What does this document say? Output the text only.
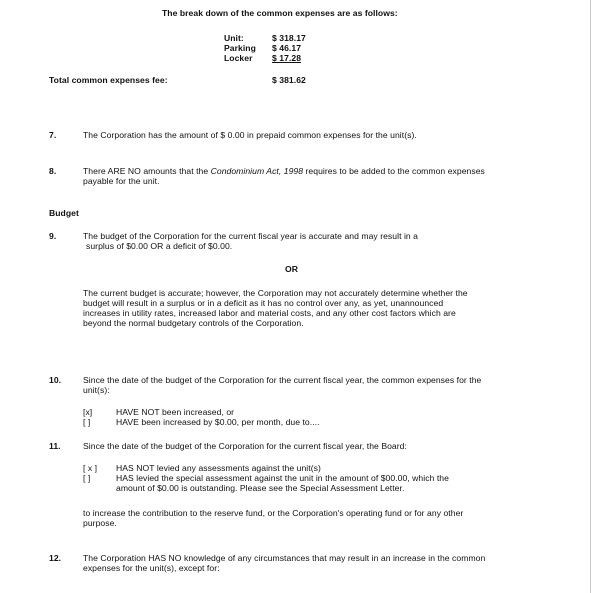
The break down of the common expenses are as follows:
Unit:	$ 318.17
Parking $ 46.17
Locker $ 17.28
Total common expenses fee:	$ 381.62
7.	The Corporation has the amount of $ 0.00 in prepaid common expenses for the unit(s).
8.	There ARE NO amounts that the Condominium Act, 1998 requires to be added to the common expenses
payable for the unit.
Budget
9.	The budget of the Corporation for the current fiscal year is accurate and may result in a
surplus of $0.00 OR a deficit of $0.00.
OR
The current budget is accurate; however, the Corporation may not accurately determine whether the
budget will result in a surplus or in a deficit as it has no control over any, as yet, unannounced
increases in utility rates, increased labor and material costs, and any other cost factors which are
beyond the normal budgetary controls of the Corporation.
10.	Since the date of the budget of the Corporation for the current fiscal year, the common expenses for the
unit(s):
[x]	HAVE NOT been increased, or
[ ]	HAVE been increased by $0.00, per month, due to....
11.	Since the date of the budget of the Corporation for the current fiscal year, the Board:
[ x ] HAS NOT levied any assessments against the unit(s)
[ ]	HAS levied the special assessment against the unit in the amount of $00.00, which the
amount of $0.00 is outstanding. Please see the Special Assessment Letter.
to increase the contribution to the reserve fund, or the Corporation's operating fund or for any other
purpose.
12.	The Corporation HAS NO knowledge of any circumstances that may result in an increase in the common
expenses for the unit(s), except for:
